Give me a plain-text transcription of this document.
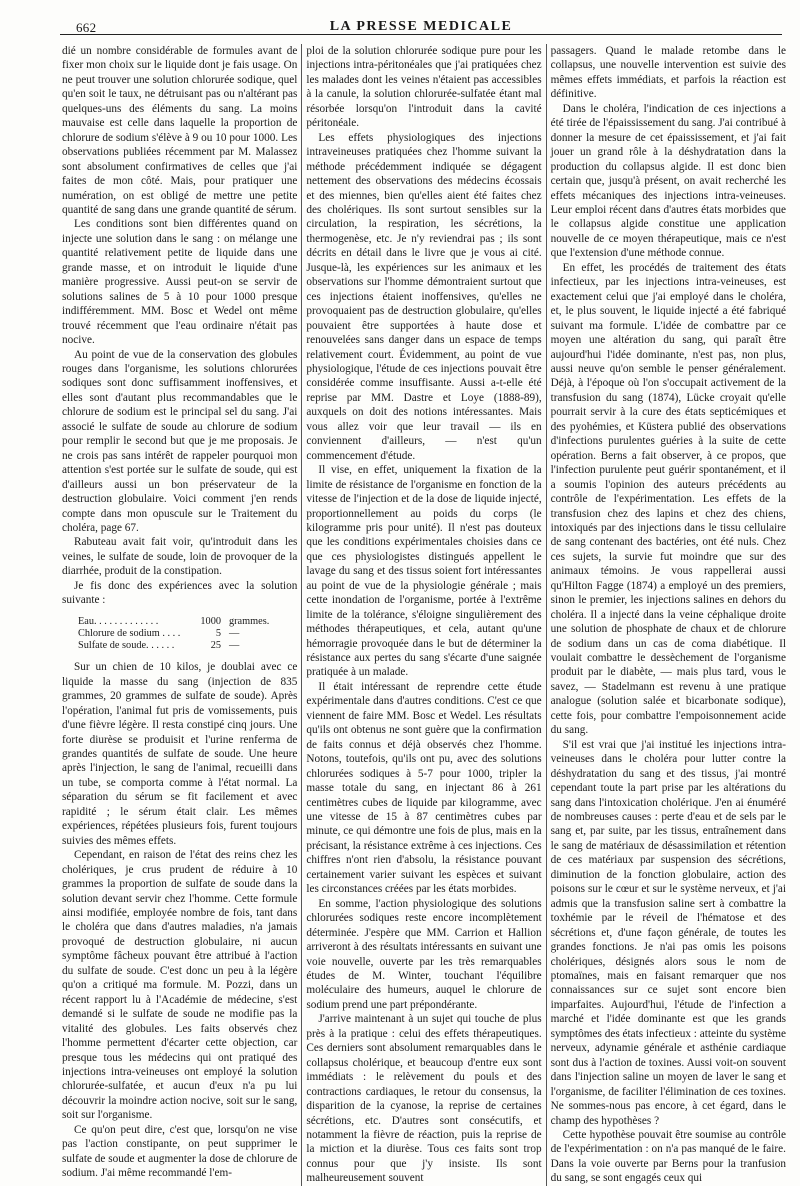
662	LA PRESSE MEDICALE

dié un nombre considérable de formules avant de fixer mon choix sur le liquide dont je fais usage. On ne peut trouver une solution chlorurée sodique, quel qu'en soit le taux, ne détruisant pas ou n'altérant pas quelques-uns des éléments du sang. La moins mauvaise est celle dans laquelle la proportion de chlorure de sodium s'élève à 9 ou 10 pour 1000. Les observations publiées récemment par M. Malassez sont absolument confirmatives de celles que j'ai faites de mon côté. Mais, pour pratiquer une numération, on est obligé de mettre une petite quantité de sang dans une grande quantité de sérum.

Les conditions sont bien différentes quand on injecte une solution dans le sang : on mélange une quantité relativement petite de liquide dans une grande masse, et on introduit le liquide d'une manière progressive. Aussi peut-on se servir de solutions salines de 5 à 10 pour 1000 presque indifféremment. MM. Bosc et Wedel ont même trouvé récemment que l'eau ordinaire n'était pas nocive.

Au point de vue de la conservation des globules rouges dans l'organisme, les solutions chlorurées sodiques sont donc suffisamment inoffensives, et elles sont d'autant plus recommandables que le chlorure de sodium est le principal sel du sang. J'ai associé le sulfate de soude au chlorure de sodium pour remplir le second but que je me proposais. Je ne crois pas sans intérêt de rappeler pourquoi mon attention s'est portée sur le sulfate de soude, qui est d'ailleurs aussi un bon préservateur de la destruction globulaire. Voici comment j'en rends compte dans mon opuscule sur le Traitement du choléra, page 67.

Rabuteau avait fait voir, qu'introduit dans les veines, le sulfate de soude, loin de provoquer de la diarrhée, produit de la constipation.

Je fis donc des expériences avec la solution suivante :

Eau. . . . . . . . . . . . .	1000	grammes.
Chlorure de sodium . . . .	5	—
Sulfate de soude. . . . . .	25	—

Sur un chien de 10 kilos, je doublai avec ce liquide la masse du sang (injection de 835 grammes, 20 grammes de sulfate de soude). Après l'opération, l'animal fut pris de vomissements, puis d'une fièvre légère. Il resta constipé cinq jours. Une forte diurèse se produisit et l'urine renferma de grandes quantités de sulfate de soude. Une heure après l'injection, le sang de l'animal, recueilli dans un tube, se comporta comme à l'état normal. La séparation du sérum se fit facilement et avec rapidité ; le sérum était clair. Les mêmes expériences, répétées plusieurs fois, furent toujours suivies des mêmes effets.

Cependant, en raison de l'état des reins chez les cholériques, je crus prudent de réduire à 10 grammes la proportion de sulfate de soude dans la solution devant servir chez l'homme. Cette formule ainsi modifiée, employée nombre de fois, tant dans le choléra que dans d'autres maladies, n'a jamais provoqué de destruction globulaire, ni aucun symptôme fâcheux pouvant être attribué à l'action du sulfate de soude. C'est donc un peu à la légère qu'on a critiqué ma formule. M. Pozzi, dans un récent rapport lu à l'Académie de médecine, s'est demandé si le sulfate de soude ne modifie pas la vitalité des globules. Les faits observés chez l'homme permettent d'écarter cette objection, car presque tous les médecins qui ont pratiqué des injections intra-veineuses ont employé la solution chlorurée-sulfatée, et aucun d'eux n'a pu lui découvrir la moindre action nocive, soit sur le sang, soit sur l'organisme.

Ce qu'on peut dire, c'est que, lorsqu'on ne vise pas l'action constipante, on peut supprimer le sulfate de soude et augmenter la dose de chlorure de sodium. J'ai même recommandé l'em-

ploi de la solution chlorurée sodique pure pour les injections intra-péritonéales que j'ai pratiquées chez les malades dont les veines n'étaient pas accessibles à la canule, la solution chlorurée-sulfatée étant mal résorbée lorsqu'on l'introduit dans la cavité péritonéale.

Les effets physiologiques des injections intraveineuses pratiquées chez l'homme suivant la méthode précédemment indiquée se dégagent nettement des observations des médecins écossais et des miennes, bien qu'elles aient été faites chez des cholériques. Ils sont surtout sensibles sur la circulation, la respiration, les sécrétions, la thermogenèse, etc. Je n'y reviendrai pas ; ils sont décrits en détail dans le livre que je vous ai cité. Jusque-là, les expériences sur les animaux et les observations sur l'homme démontraient surtout que ces injections étaient inoffensives, qu'elles ne provoquaient pas de destruction globulaire, qu'elles pouvaient être supportées à haute dose et renouvelées sans danger dans un espace de temps relativement court. Évidemment, au point de vue physiologique, l'étude de ces injections pouvait être considérée comme insuffisante. Aussi a-t-elle été reprise par MM. Dastre et Loye (1888-89), auxquels on doit des notions intéressantes. Mais vous allez voir que leur travail — ils en conviennent d'ailleurs, — n'est qu'un commencement d'étude.

Il vise, en effet, uniquement la fixation de la limite de résistance de l'organisme en fonction de la vitesse de l'injection et de la dose de liquide injecté, proportionnellement au poids du corps (le kilogramme pris pour unité). Il n'est pas douteux que les conditions expérimentales choisies dans ce que ces physiologistes distingués appellent le lavage du sang et des tissus soient fort intéressantes au point de vue de la physiologie générale ; mais cette inondation de l'organisme, portée à l'extrême limite de la tolérance, s'éloigne singulièrement des méthodes thérapeutiques, et cela, autant qu'une hémorragie provoquée dans le but de déterminer la résistance aux pertes du sang s'écarte d'une saignée pratiquée à un malade.

Il était intéressant de reprendre cette étude expérimentale dans d'autres conditions. C'est ce que viennent de faire MM. Bosc et Wedel. Les résultats qu'ils ont obtenus ne sont guère que la confirmation de faits connus et déjà observés chez l'homme. Notons, toutefois, qu'ils ont pu, avec des solutions chlorurées sodiques à 5-7 pour 1000, tripler la masse totale du sang, en injectant 86 à 261 centimètres cubes de liquide par kilogramme, avec une vitesse de 15 à 87 centimètres cubes par minute, ce qui démontre une fois de plus, mais en la précisant, la résistance extrême à ces injections. Ces chiffres n'ont rien d'absolu, la résistance pouvant certainement varier suivant les espèces et suivant les circonstances créées par les états morbides.

En somme, l'action physiologique des solutions chlorurées sodiques reste encore incomplètement déterminée. J'espère que MM. Carrion et Hallion arriveront à des résultats intéressants en suivant une voie nouvelle, ouverte par les très remarquables études de M. Winter, touchant l'équilibre moléculaire des humeurs, auquel le chlorure de sodium prend une part prépondérante.

J'arrive maintenant à un sujet qui touche de plus près à la pratique : celui des effets thérapeutiques. Ces derniers sont absolument remarquables dans le collapsus cholérique, et beaucoup d'entre eux sont immédiats : le relèvement du pouls et des contractions cardiaques, le retour du consensus, la disparition de la cyanose, la reprise de certaines sécrétions, etc. D'autres sont consécutifs, et notamment la fièvre de réaction, puis la reprise de la miction et la diurèse. Tous ces faits sont trop connus pour que j'y insiste. Ils sont malheureusement souvent

passagers. Quand le malade retombe dans le collapsus, une nouvelle intervention est suivie des mêmes effets immédiats, et parfois la réaction est définitive.

Dans le choléra, l'indication de ces injections a été tirée de l'épaississement du sang. J'ai contribué à donner la mesure de cet épaississement, et j'ai fait jouer un grand rôle à la déshydratation dans la production du collapsus algide. Il est donc bien certain que, jusqu'à présent, on avait recherché les effets mécaniques des injections intra-veineuses. Leur emploi récent dans d'autres états morbides que le collapsus algide constitue une application nouvelle de ce moyen thérapeutique, mais ce n'est que l'extension d'une méthode connue.

En effet, les procédés de traitement des états infectieux, par les injections intra-veineuses, est exactement celui que j'ai employé dans le choléra, et, le plus souvent, le liquide injecté a été fabriqué suivant ma formule. L'idée de combattre par ce moyen une altération du sang, qui paraît être aujourd'hui l'idée dominante, n'est pas, non plus, aussi neuve qu'on semble le penser généralement. Déjà, à l'époque où l'on s'occupait activement de la transfusion du sang (1874), Lücke croyait qu'elle pourrait servir à la cure des états septicémiques et des pyohémies, et Küstera publié des observations d'infections purulentes guéries à la suite de cette opération. Berns a fait observer, à ce propos, que l'infection purulente peut guérir spontanément, et il a soumis l'opinion des auteurs précédents au contrôle de l'expérimentation. Les effets de la transfusion chez des lapins et chez des chiens, intoxiqués par des injections dans le tissu cellulaire de sang contenant des bactéries, ont été nuls. Chez ces sujets, la survie fut moindre que sur des animaux témoins. Je vous rappellerai aussi qu'Hilton Fagge (1874) a employé un des premiers, sinon le premier, les injections salines en dehors du choléra. Il a injecté dans la veine céphalique droite une solution de phosphate de chaux et de chlorure de sodium dans un cas de coma diabétique. Il voulait combattre le dessèchement de l'organisme produit par le diabète, — mais plus tard, vous le savez, — Stadelmann est revenu à une pratique analogue (solution salée et bicarbonate sodique), cette fois, pour combattre l'empoisonnement acide du sang.

S'il est vrai que j'ai institué les injections intra-veineuses dans le choléra pour lutter contre la déshydratation du sang et des tissus, j'ai montré cependant toute la part prise par les altérations du sang dans l'intoxication cholérique. J'en ai énuméré de nombreuses causes : perte d'eau et de sels par le sang et, par suite, par les tissus, entraînement dans le sang de matériaux de désassimilation et rétention de ces matériaux par suspension des sécrétions, diminution de la fonction globulaire, action des poisons sur le cœur et sur le système nerveux, et j'ai admis que la transfusion saline sert à combattre la toxhémie par le réveil de l'hématose et des sécrétions et, d'une façon générale, de toutes les grandes fonctions. Je n'ai pas omis les poisons cholériques, désignés alors sous le nom de ptomaïnes, mais en faisant remarquer que nos connaissances sur ce sujet sont encore bien imparfaites. Aujourd'hui, l'étude de l'infection a marché et l'idée dominante est que les grands symptômes des états infectieux : atteinte du système nerveux, adynamie générale et asthénie cardiaque sont dus à l'action de toxines. Aussi voit-on souvent dans l'injection saline un moyen de laver le sang et l'organisme, de faciliter l'élimination de ces toxines. Ne sommes-nous pas encore, à cet égard, dans le champ des hypothèses ?

Cette hypothèse pouvait être soumise au contrôle de l'expérimentation : on n'a pas manqué de le faire. Dans la voie ouverte par Berns pour la tranfusion du sang, se sont engagés ceux qui
